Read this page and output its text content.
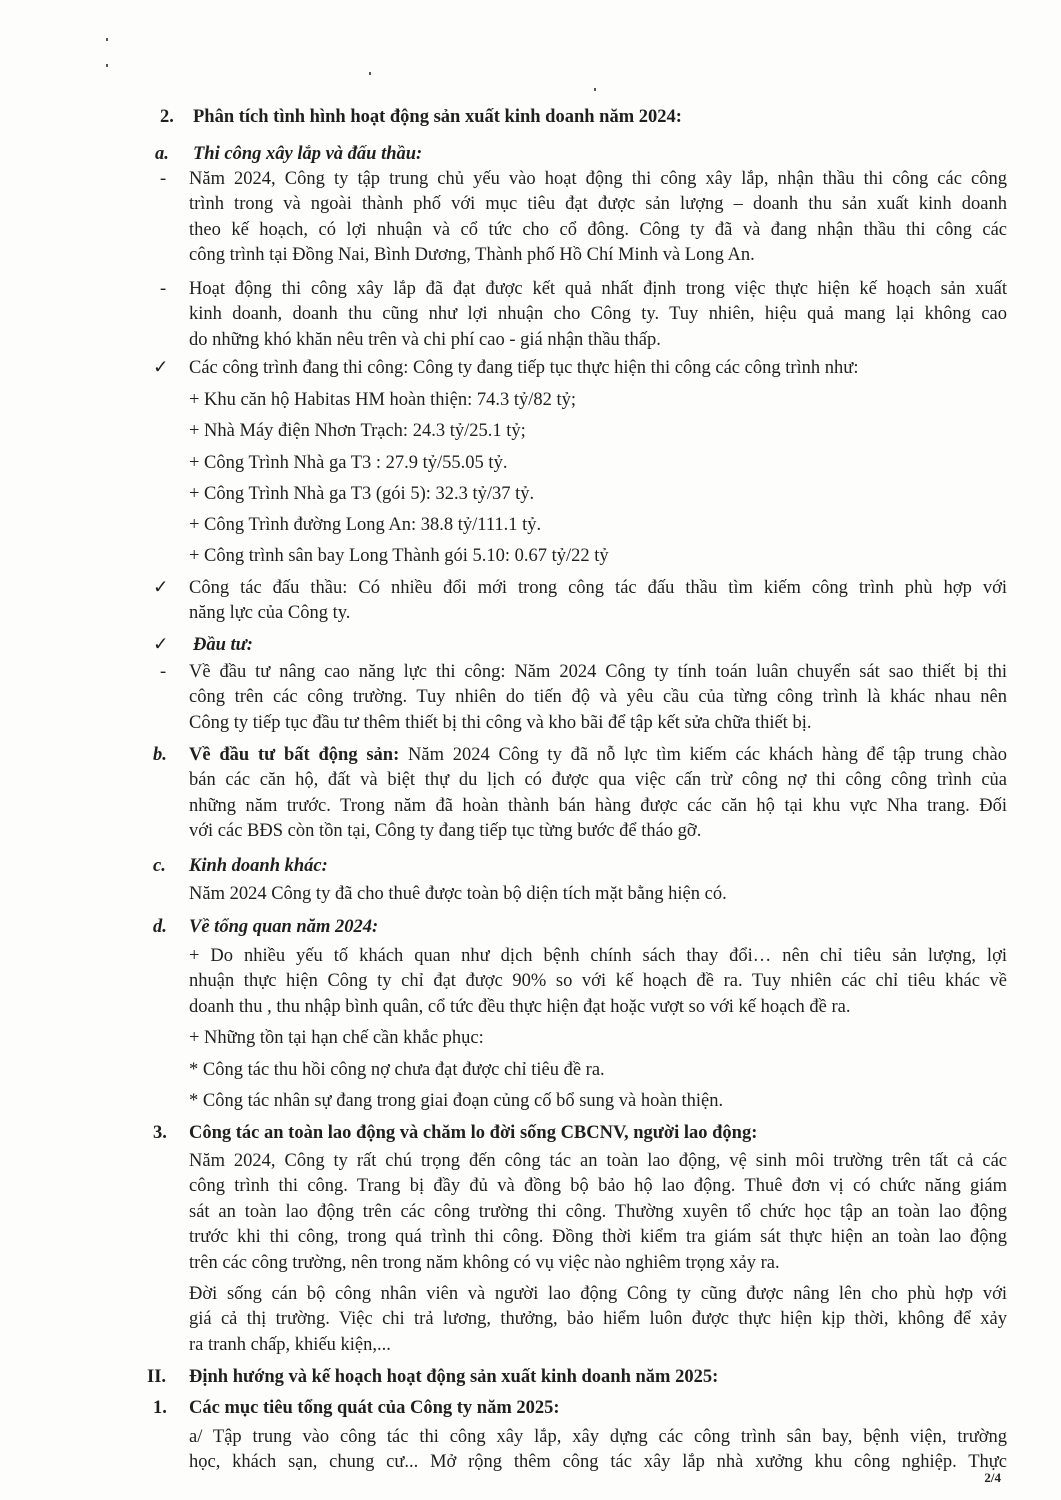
2. Phân tích tình hình hoạt động sản xuất kinh doanh năm 2024:
a. Thi công xây lắp và đấu thầu:
- Năm 2024, Công ty tập trung chủ yếu vào hoạt động thi công xây lắp, nhận thầu thi công các công

trình trong và ngoài thành phố với mục tiêu đạt được sản lượng – doanh thu sản xuất kinh doanh

theo kế hoạch, có lợi nhuận và cổ tức cho cổ đông. Công ty đã và đang nhận thầu thi công các

công trình tại Đồng Nai, Bình Dương, Thành phố Hồ Chí Minh và Long An.

- Hoạt động thi công xây lắp đã đạt được kết quả nhất định trong việc thực hiện kế hoạch sản xuất

kinh doanh, doanh thu cũng như lợi nhuận cho Công ty. Tuy nhiên, hiệu quả mang lại không cao

do những khó khăn nêu trên và chi phí cao - giá nhận thầu thấp.

✓ Các công trình đang thi công: Công ty đang tiếp tục thực hiện thi công các công trình như:
+ Khu căn hộ Habitas HM hoàn thiện: 74.3 tỷ/82 tỷ;
+ Nhà Máy điện Nhơn Trạch: 24.3 tỷ/25.1 tỷ;
+ Công Trình Nhà ga T3 : 27.9 tỷ/55.05 tỷ.
+ Công Trình Nhà ga T3 (gói 5): 32.3 tỷ/37 tỷ.
+ Công Trình đường Long An: 38.8 tỷ/111.1 tỷ.
+ Công trình sân bay Long Thành gói 5.10: 0.67 tỷ/22 tỷ
✓ Công tác đấu thầu: Có nhiều đổi mới trong công tác đấu thầu tìm kiếm công trình phù hợp với

năng lực của Công ty.

✓ Đầu tư:
- Về đầu tư nâng cao năng lực thi công: Năm 2024 Công ty tính toán luân chuyển sát sao thiết bị thi

công trên các công trường. Tuy nhiên do tiến độ và yêu cầu của từng công trình là khác nhau nên

Công ty tiếp tục đầu tư thêm thiết bị thi công và kho bãi để tập kết sửa chữa thiết bị.

b. Về đầu tư bất động sản: Năm 2024 Công ty đã nỗ lực tìm kiếm các khách hàng để tập trung chào

bán các căn hộ, đất và biệt thự du lịch có được qua việc cấn trừ công nợ thi công công trình của

những năm trước. Trong năm đã hoàn thành bán hàng được các căn hộ tại khu vực Nha trang. Đối

với các BĐS còn tồn tại, Công ty đang tiếp tục từng bước để tháo gỡ.

c. Kinh doanh khác:
Năm 2024 Công ty đã cho thuê được toàn bộ diện tích mặt bằng hiện có.
d. Về tổng quan năm 2024:

+ Do nhiều yếu tố khách quan như dịch bệnh chính sách thay đổi… nên chỉ tiêu sản lượng, lợi

nhuận thực hiện Công ty chỉ đạt được 90% so với kế hoạch đề ra. Tuy nhiên các chỉ tiêu khác về

doanh thu , thu nhập bình quân, cổ tức đều thực hiện đạt hoặc vượt so với kế hoạch đề ra.

+ Những tồn tại hạn chế cần khắc phục:
* Công tác thu hồi công nợ chưa đạt được chỉ tiêu đề ra.
* Công tác nhân sự đang trong giai đoạn củng cố bổ sung và hoàn thiện.
3. Công tác an toàn lao động và chăm lo đời sống CBCNV, người lao động:

Năm 2024, Công ty rất chú trọng đến công tác an toàn lao động, vệ sinh môi trường trên tất cả các

công trình thi công. Trang bị đầy đủ và đồng bộ bảo hộ lao động. Thuê đơn vị có chức năng giám

sát an toàn lao động trên các công trường thi công. Thường xuyên tổ chức học tập an toàn lao động

trước khi thi công, trong quá trình thi công. Đồng thời kiểm tra giám sát thực hiện an toàn lao động

trên các công trường, nên trong năm không có vụ việc nào nghiêm trọng xảy ra.

Đời sống cán bộ công nhân viên và người lao động Công ty cũng được nâng lên cho phù hợp với

giá cả thị trường. Việc chi trả lương, thưởng, bảo hiểm luôn được thực hiện kịp thời, không để xảy

ra tranh chấp, khiếu kiện,...

II. Định hướng và kế hoạch hoạt động sản xuất kinh doanh năm 2025:
1. Các mục tiêu tổng quát của Công ty năm 2025:

a/ Tập trung vào công tác thi công xây lắp, xây dựng các công trình sân bay, bệnh viện, trường

học, khách sạn, chung cư... Mở rộng thêm công tác xây lắp nhà xưởng khu công nghiệp. Thực

2/4
